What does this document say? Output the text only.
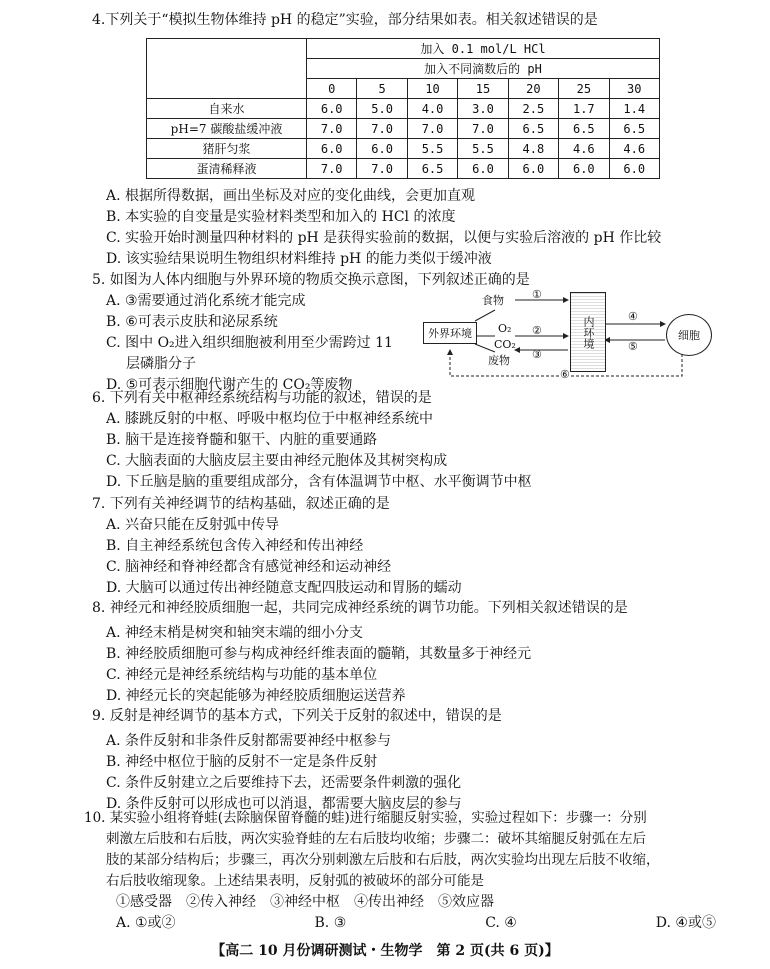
4.下列关于“模拟生物体维持 pH 的稳定”实验，部分结果如表。相关叙述错误的是
	加入 0.1 mol/L HCl						
	加入不同滴数后的 pH						
	0	5	10	15	20	25	30
自来水	6.0	5.0	4.0	3.0	2.5	1.7	1.4
pH=7 碳酸盐缓冲液	7.0	7.0	7.0	7.0	6.5	6.5	6.5
猪肝匀浆	6.0	6.0	5.5	5.5	4.8	4.6	4.6
蛋清稀释液	7.0	7.0	6.5	6.0	6.0	6.0	6.0
A. 根据所得数据，画出坐标及对应的变化曲线，会更加直观
B. 本实验的自变量是实验材料类型和加入的 HCl 的浓度
C. 实验开始时测量四种材料的 pH 是获得实验前的数据，以便与实验后溶液的 pH 作比较
D. 该实验结果说明生物组织材料维持 pH 的能力类似于缓冲液
5. 如图为人体内细胞与外界环境的物质交换示意图，下列叙述正确的是
A. ③需要通过消化系统才能完成
B. ⑥可表示皮肤和泌尿系统
C. 图中 O₂进入组织细胞被利用至少需跨过 11
层磷脂分子
D. ⑤可表示细胞代谢产生的 CO₂等废物
外界环境	内环境	细胞
食物
O₂
CO₂
废物
①
②
③
④
⑤
⑥
6. 下列有关中枢神经系统结构与功能的叙述，错误的是
A. 膝跳反射的中枢、呼吸中枢均位于中枢神经系统中
B. 脑干是连接脊髓和躯干、内脏的重要通路
C. 大脑表面的大脑皮层主要由神经元胞体及其树突构成
D. 下丘脑是脑的重要组成部分，含有体温调节中枢、水平衡调节中枢
7. 下列有关神经调节的结构基础，叙述正确的是
A. 兴奋只能在反射弧中传导
B. 自主神经系统包含传入神经和传出神经
C. 脑神经和脊神经都含有感觉神经和运动神经
D. 大脑可以通过传出神经随意支配四肢运动和胃肠的蠕动
8. 神经元和神经胶质细胞一起，共同完成神经系统的调节功能。下列相关叙述错误的是
A. 神经末梢是树突和轴突末端的细小分支
B. 神经胶质细胞可参与构成神经纤维表面的髓鞘，其数量多于神经元
C. 神经元是神经系统结构与功能的基本单位
D. 神经元长的突起能够为神经胶质细胞运送营养
9. 反射是神经调节的基本方式，下列关于反射的叙述中，错误的是
A. 条件反射和非条件反射都需要神经中枢参与
B. 神经中枢位于脑的反射不一定是条件反射
C. 条件反射建立之后要维持下去，还需要条件刺激的强化
D. 条件反射可以形成也可以消退，都需要大脑皮层的参与
10. 某实验小组将脊蛙(去除脑保留脊髓的蛙)进行缩腿反射实验，实验过程如下：步骤一：分别
刺激左后肢和右后肢，两次实验脊蛙的左右后肢均收缩；步骤二：破坏其缩腿反射弧在左后
肢的某部分结构后；步骤三，再次分别刺激左后肢和右后肢，两次实验均出现左后肢不收缩，
右后肢收缩现象。上述结果表明，反射弧的被破坏的部分可能是
①感受器　②传入神经　③神经中枢　④传出神经　⑤效应器
A. ①或②	B. ③	C. ④	D. ④或⑤
【高二 10 月份调研测试・生物学　第 2 页(共 6 页)】
